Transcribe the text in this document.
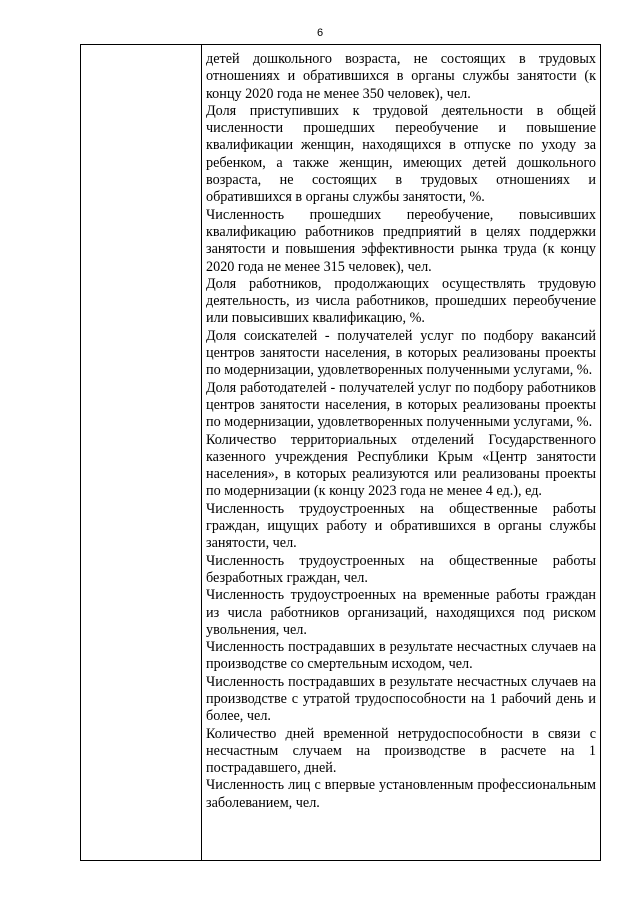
6

детей дошкольного возраста, не состоящих в трудовых отношениях и обратившихся в органы службы занятости (к концу 2020 года не менее 350 человек), чел.

Доля приступивших к трудовой деятельности в общей численности прошедших переобучение и повышение квалификации женщин, находящихся в отпуске по уходу за ребенком, а также женщин, имеющих детей дошкольного возраста, не состоящих в трудовых отношениях и обратившихся в органы службы занятости, %.

Численность прошедших переобучение, повысивших квалификацию работников предприятий в целях поддержки занятости и повышения эффективности рынка труда (к концу 2020 года не менее 315 человек), чел.

Доля работников, продолжающих осуществлять трудовую деятельность, из числа работников, прошедших переобучение или повысивших квалификацию, %.

Доля соискателей - получателей услуг по подбору вакансий центров занятости населения, в которых реализованы проекты по модернизации, удовлетворенных полученными услугами, %.

Доля работодателей - получателей услуг по подбору работников центров занятости населения, в которых реализованы проекты по модернизации, удовлетворенных полученными услугами, %.

Количество территориальных отделений Государственного казенного учреждения Республики Крым «Центр занятости населения», в которых реализуются или реализованы проекты по модернизации (к концу 2023 года не менее 4 ед.), ед.

Численность трудоустроенных на общественные работы граждан, ищущих работу и обратившихся в органы службы занятости, чел.

Численность трудоустроенных на общественные работы безработных граждан, чел.

Численность трудоустроенных на временные работы граждан из числа работников организаций, находящихся под риском увольнения, чел.

Численность пострадавших в результате несчастных случаев на производстве со смертельным исходом, чел.

Численность пострадавших в результате несчастных случаев на производстве с утратой трудоспособности на 1 рабочий день и более, чел.

Количество дней временной нетрудоспособности в связи с несчастным случаем на производстве в расчете на 1 пострадавшего, дней.

Численность лиц с впервые установленным профессиональным заболеванием, чел.
